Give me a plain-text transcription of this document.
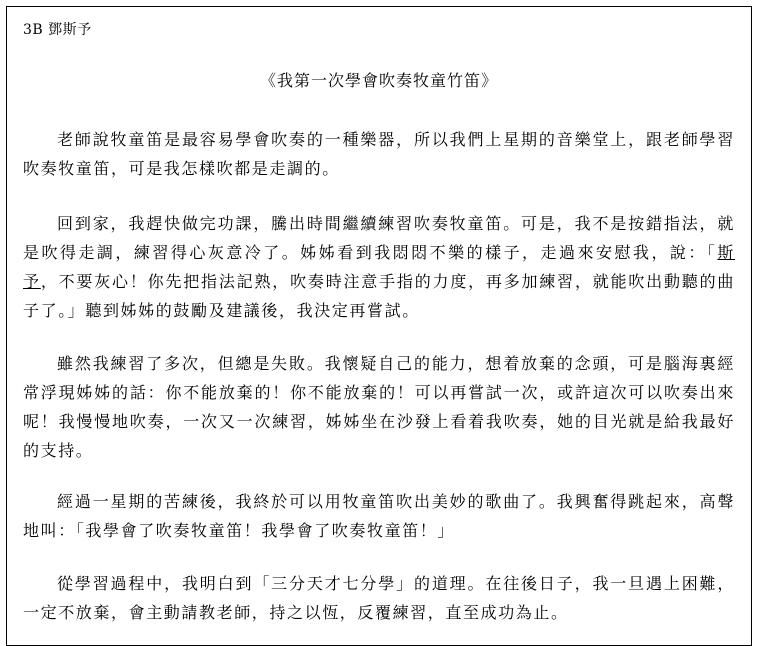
3B 鄧斯予
《我第一次學會吹奏牧童竹笛》

老師說牧童笛是最容易學會吹奏的一種樂器，所以我們上星期的音樂堂上，跟老師學習吹奏牧童笛，可是我怎樣吹都是走調的。

回到家，我趕快做完功課，騰出時間繼續練習吹奏牧童笛。可是，我不是按錯指法，就是吹得走調，練習得心灰意冷了。姊姊看到我悶悶不樂的樣子，走過來安慰我，說：「斯予，不要灰心！你先把指法記熟，吹奏時注意手指的力度，再多加練習，就能吹出動聽的曲子了。」聽到姊姊的鼓勵及建議後，我決定再嘗試。

雖然我練習了多次，但總是失敗。我懷疑自己的能力，想着放棄的念頭，可是腦海裏經常浮現姊姊的話：你不能放棄的！你不能放棄的！可以再嘗試一次，或許這次可以吹奏出來呢！我慢慢地吹奏，一次又一次練習，姊姊坐在沙發上看着我吹奏，她的目光就是給我最好的支持。

經過一星期的苦練後，我終於可以用牧童笛吹出美妙的歌曲了。我興奮得跳起來，高聲地叫：「我學會了吹奏牧童笛！我學會了吹奏牧童笛！」

從學習過程中，我明白到「三分天才七分學」的道理。在往後日子，我一旦遇上困難，一定不放棄，會主動請教老師，持之以恆，反覆練習，直至成功為止。
